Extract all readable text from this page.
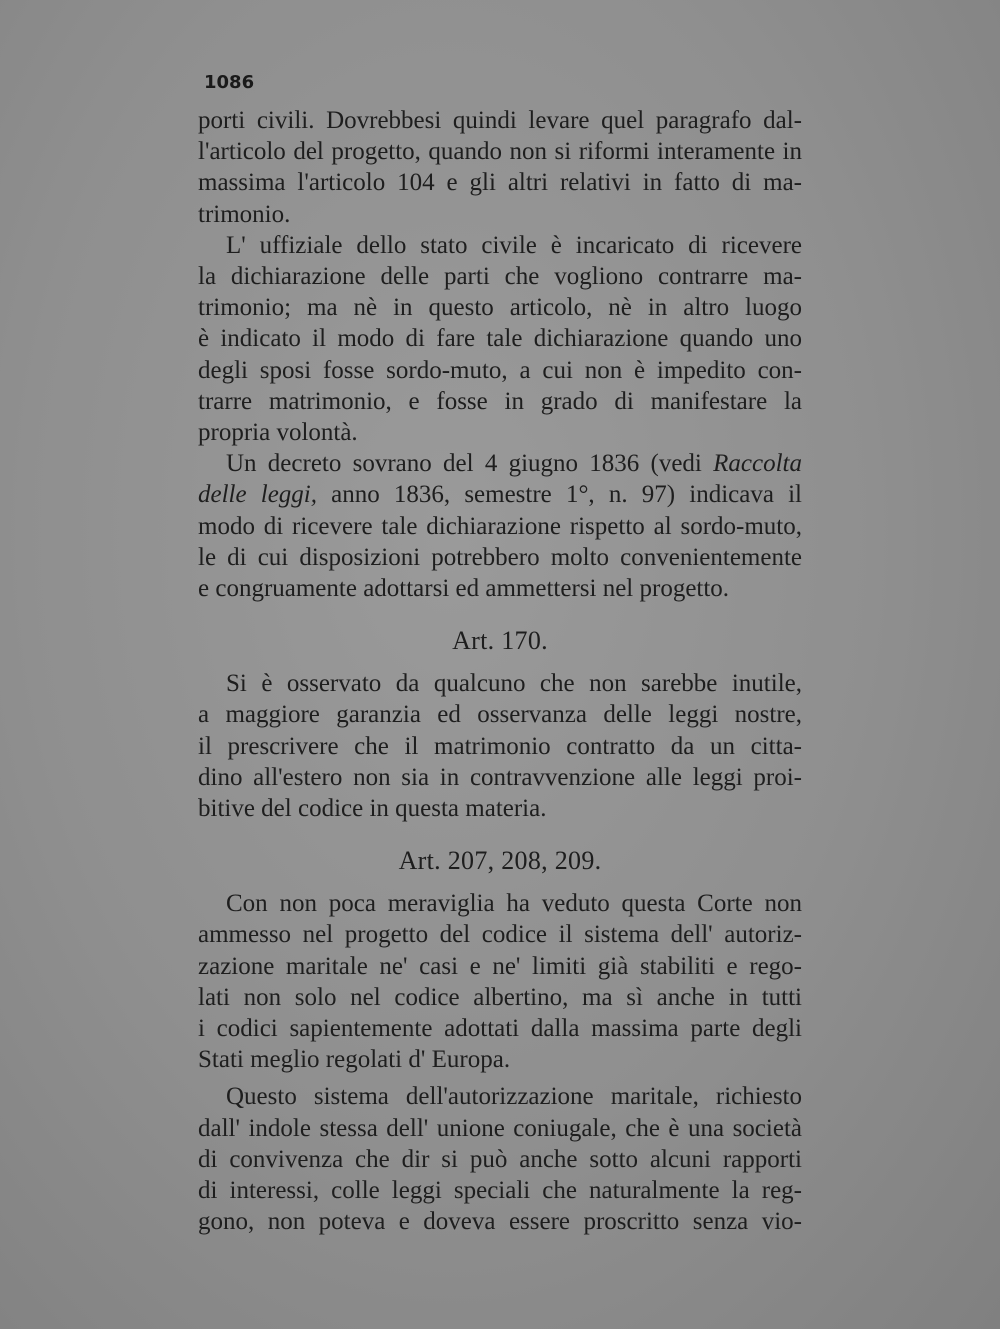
1086

porti civili. Dovrebbesi quindi levare quel paragrafo dal-
l'articolo del progetto, quando non si riformi interamente in
massima l'articolo 104 e gli altri relativi in fatto di ma-
trimonio.

L' uffiziale dello stato civile è incaricato di ricevere
la dichiarazione delle parti che vogliono contrarre ma-
trimonio; ma nè in questo articolo, nè in altro luogo
è indicato il modo di fare tale dichiarazione quando uno
degli sposi fosse sordo-muto, a cui non è impedito con-
trarre matrimonio, e fosse in grado di manifestare la
propria volontà.

Un decreto sovrano del 4 giugno 1836 (vedi Raccolta
delle leggi, anno 1836, semestre 1°, n. 97) indicava il
modo di ricevere tale dichiarazione rispetto al sordo-muto,
le di cui disposizioni potrebbero molto convenientemente
e congruamente adottarsi ed ammettersi nel progetto.

Art. 170.

Si è osservato da qualcuno che non sarebbe inutile,
a maggiore garanzia ed osservanza delle leggi nostre,
il prescrivere che il matrimonio contratto da un citta-
dino all'estero non sia in contravvenzione alle leggi proi-
bitive del codice in questa materia.

Art. 207, 208, 209.

Con non poca meraviglia ha veduto questa Corte non
ammesso nel progetto del codice il sistema dell' autoriz-
zazione maritale ne' casi e ne' limiti già stabiliti e rego-
lati non solo nel codice albertino, ma sì anche in tutti
i codici sapientemente adottati dalla massima parte degli
Stati meglio regolati d' Europa.

Questo sistema dell'autorizzazione maritale, richiesto
dall' indole stessa dell' unione coniugale, che è una società
di convivenza che dir si può anche sotto alcuni rapporti
di interessi, colle leggi speciali che naturalmente la reg-
gono, non poteva e doveva essere proscritto senza vio-
